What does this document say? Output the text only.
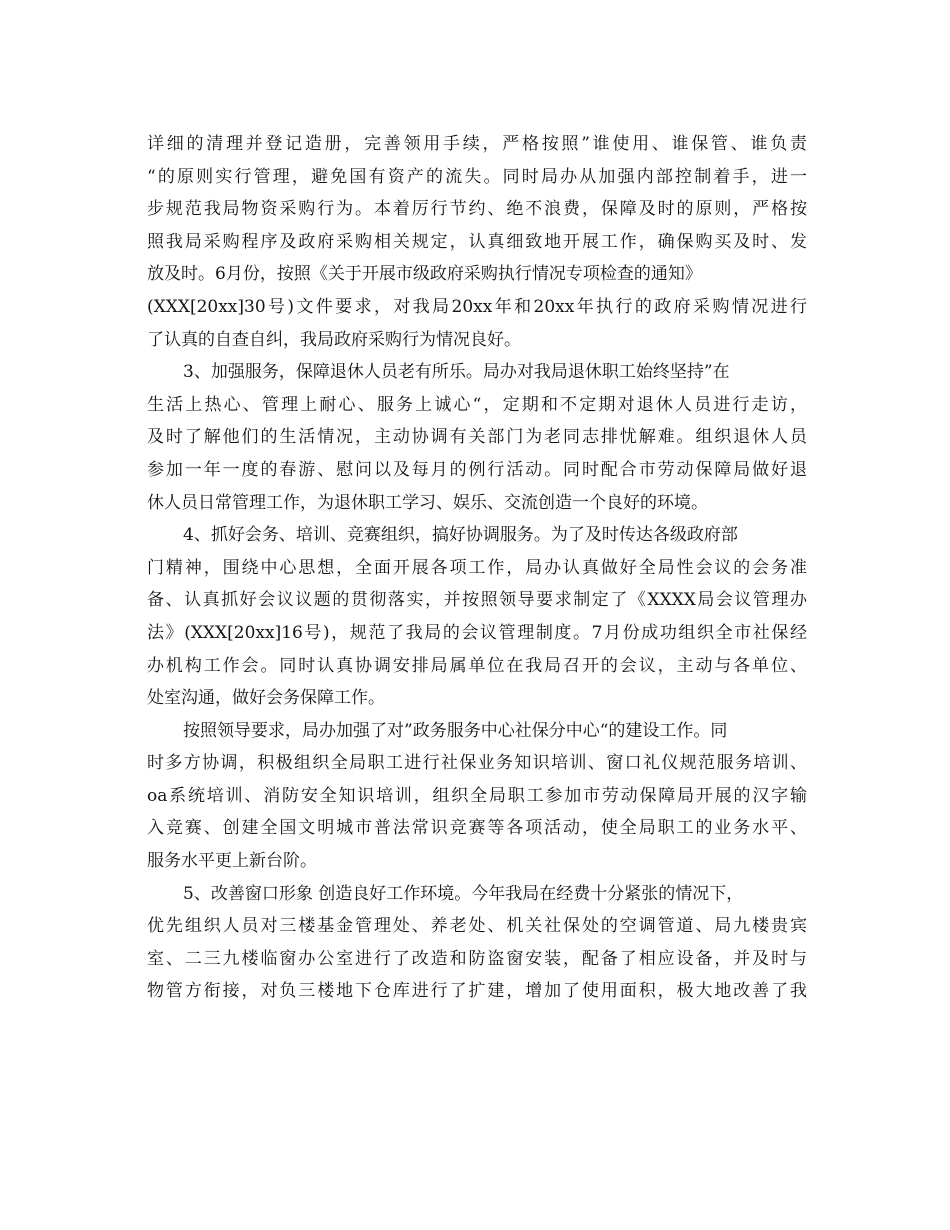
详细的清理并登记造册，完善领用手续，严格按照”谁使用、谁保管、谁负责
“的原则实行管理，避免国有资产的流失。同时局办从加强内部控制着手，进一
步规范我局物资采购行为。本着厉行节约、绝不浪费，保障及时的原则，严格按
照我局采购程序及政府采购相关规定，认真细致地开展工作，确保购买及时、发
放及时。6月份，按照《关于开展市级政府采购执行情况专项检查的通知》
(XXX[20xx]30号)文件要求，对我局20xx年和20xx年执行的政府采购情况进行
了认真的自查自纠，我局政府采购行为情况良好。
3、加强服务，保障退休人员老有所乐。局办对我局退休职工始终坚持”在
生活上热心、管理上耐心、服务上诚心“，定期和不定期对退休人员进行走访，
及时了解他们的生活情况，主动协调有关部门为老同志排忧解难。组织退休人员
参加一年一度的春游、慰问以及每月的例行活动。同时配合市劳动保障局做好退
休人员日常管理工作，为退休职工学习、娱乐、交流创造一个良好的环境。
4、抓好会务、培训、竞赛组织，搞好协调服务。为了及时传达各级政府部
门精神，围绕中心思想，全面开展各项工作，局办认真做好全局性会议的会务准
备、认真抓好会议议题的贯彻落实，并按照领导要求制定了《XXXX局会议管理办
法》(XXX[20xx]16号)，规范了我局的会议管理制度。7月份成功组织全市社保经
办机构工作会。同时认真协调安排局属单位在我局召开的会议，主动与各单位、
处室沟通，做好会务保障工作。
按照领导要求，局办加强了对”政务服务中心社保分中心“的建设工作。同
时多方协调，积极组织全局职工进行社保业务知识培训、窗口礼仪规范服务培训、
oa系统培训、消防安全知识培训，组织全局职工参加市劳动保障局开展的汉字输
入竞赛、创建全国文明城市普法常识竞赛等各项活动，使全局职工的业务水平、
服务水平更上新台阶。
5、改善窗口形象 创造良好工作环境。今年我局在经费十分紧张的情况下，
优先组织人员对三楼基金管理处、养老处、机关社保处的空调管道、局九楼贵宾
室、二三九楼临窗办公室进行了改造和防盗窗安装，配备了相应设备，并及时与
物管方衔接，对负三楼地下仓库进行了扩建，增加了使用面积，极大地改善了我
